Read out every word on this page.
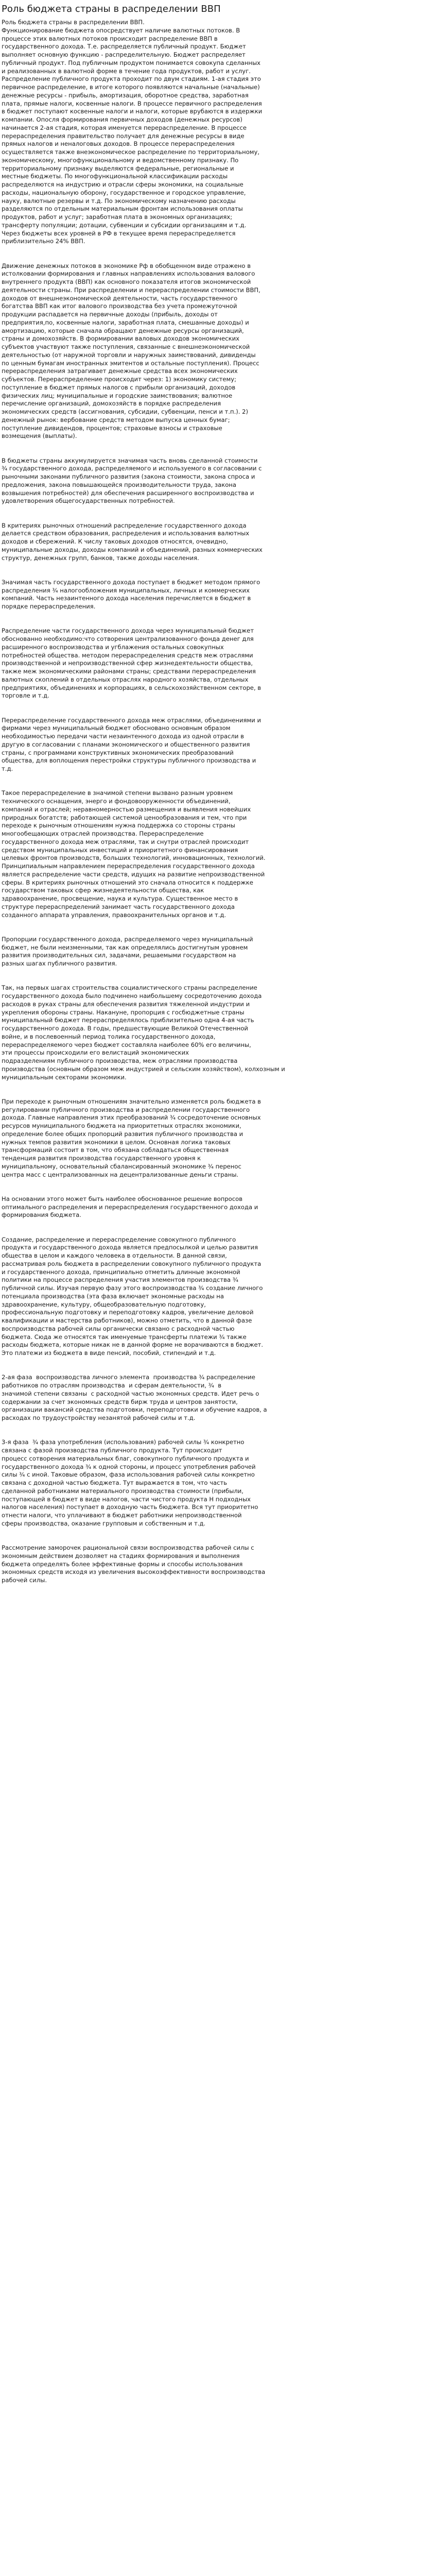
Роль бюджета страны в распределении ВВП

Роль бюджета страны в распределении ВВП.
Функционирование бюджета опосредствует наличие валютных потоков. В
процессе этих валютных потоков происходит распределение ВВП в
государственного дохода. Т.е. распределяется публичный продукт. Бюджет
выполняет основную функцию - распределительную. Бюджет распределяет
публичный продукт. Под публичным продуктом понимается совокупа сделанных
и реализованных в валютной форме в течение года продуктов, работ и услуг.
Распределение публичного продукта проходит по двум стадиям. 1-ая стадия это
первичное распределение, в итоге которого появляются начальные (начальные)
денежные ресурсы - прибыль, амортизация, оборотное средства, заработная
плата, прямые налоги, косвенные налоги. В процессе первичного распределения
в бюджет поступают косвенные налоги и налоги, которые врубаются в издержки
компании. Опосля формирования первичных доходов (денежных ресурсов)
начинается 2-ая стадия, которая именуется перераспределение. В процессе
перераспределения правительство получает для денежные ресурсы в виде
прямых налогов и неналоговых доходов. В процессе перераспределения
осуществляется также внеэкономическое распределение по территориальному,
экономическому, многофункциональному и ведомственному признаку. По
территориальному признаку выделяются федеральные, региональные и
местные бюджеты. По многофункциональной классификации расходы
распределяются на индустрию и отрасли сферы экономики, на социальные
расходы, национальную оборону, государственное и городское управление,
науку, валютные резервы и т.д. По экономическому назначению расходы
разделяются по отдельным материальным фронтам использования оплаты
продуктов, работ и услуг; заработная плата в экономных организациях;
трансферту популяции; дотации, субвенции и субсидии организациям и т.д.
Через бюджеты всех уровней в РФ в текущее время перераспределяется
приблизительно 24% ВВП.

Движение денежных потоков в экономике Рф в обобщенном виде отражено в
истолковании формирования и главных направлениях использования валового
внутреннего продукта (ВВП) как основного показателя итогов экономической
деятельности страны. При распределении и перераспределении стоимости ВВП,
доходов от внешнеэкономической деятельности, часть государственного
богатства ВВП как итог валового производства без учета промежуточной
продукции распадается на первичные доходы (прибыль, доходы от
предприятия,по, косвенные налоги, заработная плата, смешанные доходы) и
амортизацию, которые сначала обращают денежные ресурсы организаций,
страны и домохозяйств. В формировании валовых доходов экономических
субъектов участвуют также поступления, связанные с внешнеэкономической
деятельностью (от наружной торговли и наружных заимствований, дивиденды
по ценным бумагам иностранных эмитентов и остальные поступления). Процесс
перераспределения затрагивает денежные средства всех экономических
субъектов. Перераспределение происходит через: 1) экономику систему;
поступление в бюджет прямых налогов с прибыли организаций, доходов
физических лиц; муниципальные и городские заимствования; валютное
перечисление организаций, домохозяйств в порядке распределения
экономических средств (ассигнования, субсидии, субвенции, пенси и т.п.). 2)
денежный рынок: вербование средств методом выпуска ценных бумаг;
поступление дивидендов, процентов; страховые взносы и страховые
возмещения (выплаты).

В бюджеты страны аккумулируется значимая часть вновь сделанной стоимости
¾ государственного дохода, распределяемого и используемого в согласовании с
рыночными законами публичного развития (закона стоимости, закона спроса и
предложения, закона повышающейся производительности труда, закона
возвышения потребностей) для обеспечения расширенного воспроизводства и
удовлетворения общегосударственных потребностей.

В критериях рыночных отношений распределение государственного дохода
делается средством образования, распределения и использования валютных
доходов и сбережений. К числу таковых доходов относятся, очевидно,
муниципальные доходы, доходы компаний и объединений, разных коммерческих
структур, денежных групп, банков, также доходы населения.

Значимая часть государственного дохода поступает в бюджет методом прямого
распределения ¾ налогообложения муниципальных, личных и коммерческих
компаний. Часть незаинтенного дохода населения перечисляется в бюджет в
порядке перераспределения.

Распределение части государственного дохода через муниципальный бюджет
обоснованно необходимо:что сотворения централизованного фонда денег для
расширенного воспроизводства и угблажения остальных совокупных
потребностей общества. методом перераспределения средств меж отраслями
производственной и непроизводственной сфер жизнедеятельности общества,
также меж экономическими районами страны; средствами перераспределения
валютных скоплений в отдельных отраслях народного хозяйства, отдельных
предприятиях, объединениях и корпорациях, в сельскохозяйственном секторе, в
торговле и т.д.

Перераспределение государственного дохода меж отраслями, объединениями и
фирмами через муниципальный бюджет обосновано основным образом
необходимостью передачи части незаинтенного дохода из одной отрасли в
другую в согласовании с планами экономического и общественного развития
страны, с программами конструктивных экономических преобразований
общества, для воплощения перестройки структуры публичного производства и
т.д.

Такое перераспределение в значимой степени вызвано разным уровнем
технического оснащения, энерго и фондовооруженности объединений,
компаний и отраслей; неравномерностью размещения и выявления новейших
природных богатств; работающей системой ценообразования и тем, что при
переходе к рыночным отношениям нужна поддержка со стороны страны
многообещающих отраслей производства. Перераспределение
государственного дохода меж отраслями, так и снутри отраслей происходит
средством муниципальных инвестиций и приоритетного финансирования
целевых фронтов производств, больших технологий, инновационных, технологий.
Принципиальным направлением перераспределения государственного дохода
является распределение части средств, идущих на развитие непроизводственной
сферы. В критериях рыночных отношений это сначала относится к поддержке
государством таковых сфер жизнедеятельности общества, как
здравоохранение, просвещение, наука и культура. Существенное место в
структуре перераспределений занимает часть государственного дохода
созданного аппарата управления, правоохранительных органов и т.д.

Пропорции государственного дохода, распределяемого через муниципальный
бюджет, не были неизменными, так как определялись достигнутым уровнем
развития производительных сил, задачами, решаемыми государством на
разных шагах публичного развития.

Так, на первых шагах строительства социалистического страны распределение
государственного дохода было подчинено наибольшему сосредоточению дохода
расходов в руках страны для обеспечения развития тяжеленной индустрии и
укрепления обороны страны. Накануне, пропорция с госбюджетные страны
муниципальный бюджет перераспределялось приблизительно одна 4-ая часть
государственного дохода. В годы, предшествующие Великой Отечественной
войне, и в послевоенный период толика государственного дохода,
перераспределяемого через бюджет составляла наиболее 60% его величины,
эти процессы происходили его велистаций экономических
подразделениям публичного производства, меж отраслями производства
производства (основным образом меж индустрией и сельским хозяйством), колхозным и
муниципальным секторами экономики.

При переходе к рыночным отношениям значительно изменяется роль бюджета в
регулировании публичного производства и распределении государственного
дохода. Главные направления этих преобразований ¾ сосредоточение основных
ресурсов муниципального бюджета на приоритетных отраслях экономики,
определение более общих пропорций развития публичного производства и
нужных темпов развития экономики в целом. Основная логика таковых
трансформаций состоит в том, что обязана собладаться общественная
тенденция развития производства государственного уровня к
муниципальному, основательный сбалансированный экономике ¾ перенос
центра масс с централизованных на децентрализованные деньги страны.

На основании этого может быть наиболее обоснованное решение вопросов
оптимального распределения и перераспределения государственного дохода и
формирования бюджета.

Создание, распределение и перераспределение совокупного публичного
продукта и государственного дохода является предпосылкой и целью развития
общества в целом и каждого человека в отдельности. В данной связи,
рассматривая роль бюджета в распределении совокупного публичного продукта
и государственного дохода, принципиально отметить длинные экономной
политики на процессе распределения участия элементов производства ¾
публичной силы. Изучая первую фазу этого воспроизводства ¾ создание личного
потенциала производства (эта фаза включает экономные расходы на
здравоохранение, культуру, общеобразовательную подготовку,
профессиональную подготовку и переподготовку кадров, увеличение деловой
квалификации и мастерства работников), можно отметить, что в данной фазе
воспроизводства рабочей силы органически связано с расходной частью
бюджета. Сюда же относятся так именуемые трансферты платежи ¾ также
расходы бюджета, которые никак не в данной форме не ворачиваются в бюджет.
Это платежи из бюджета в виде пенсий, пособий, стипендий и т.д.

2-ая фаза  воспроизводства личного элемента  производства ¾ распределение
работников по отраслям производства  и сферам деятельности, ¾  в
значимой степени связаны  с расходной частью экономных средств. Идет речь о
содержании за счет экономных средств бирж труда и центров занятости,
организации вакансий средства подготовки, переподготовки и обучение кадров, а
расходах по трудоустройству незанятой рабочей силы и т.д.

3-я фаза  ¾ фаза употребления (использования) рабочей силы ¾ конкретно
связана с фазой производства публичного продукта. Тут происходит
процесс сотворения материальных благ, совокупного публичного продукта и
государственного дохода ¾ к одной стороны, и процесс употребления рабочей
силы ¾ с иной. Таковые образом, фаза использования рабочей силы конкретно
связана с доходной частью бюджета. Тут выражается в том, что часть
сделанной работниками материального производства стоимости (прибыли,
поступающей в бюджет в виде налогов, части чистого продукта Н подходных
налогов населения) поступает в доходную часть бюджета. Вся тут приоритетно
отнести налоги, что уплачивают в бюджет работники непроизводственной
сферы производства, оказание групповым и собственным и т.д.

Рассмотрение заморочек рациональной связи воспроизводства рабочей силы с
экономным действием дозволяет на стадиях формирования и выполнения
бюджета определять более эффективные формы и способы использования
экономных средств исходя из увеличения высокоэффективности воспроизводства
рабочей силы.
